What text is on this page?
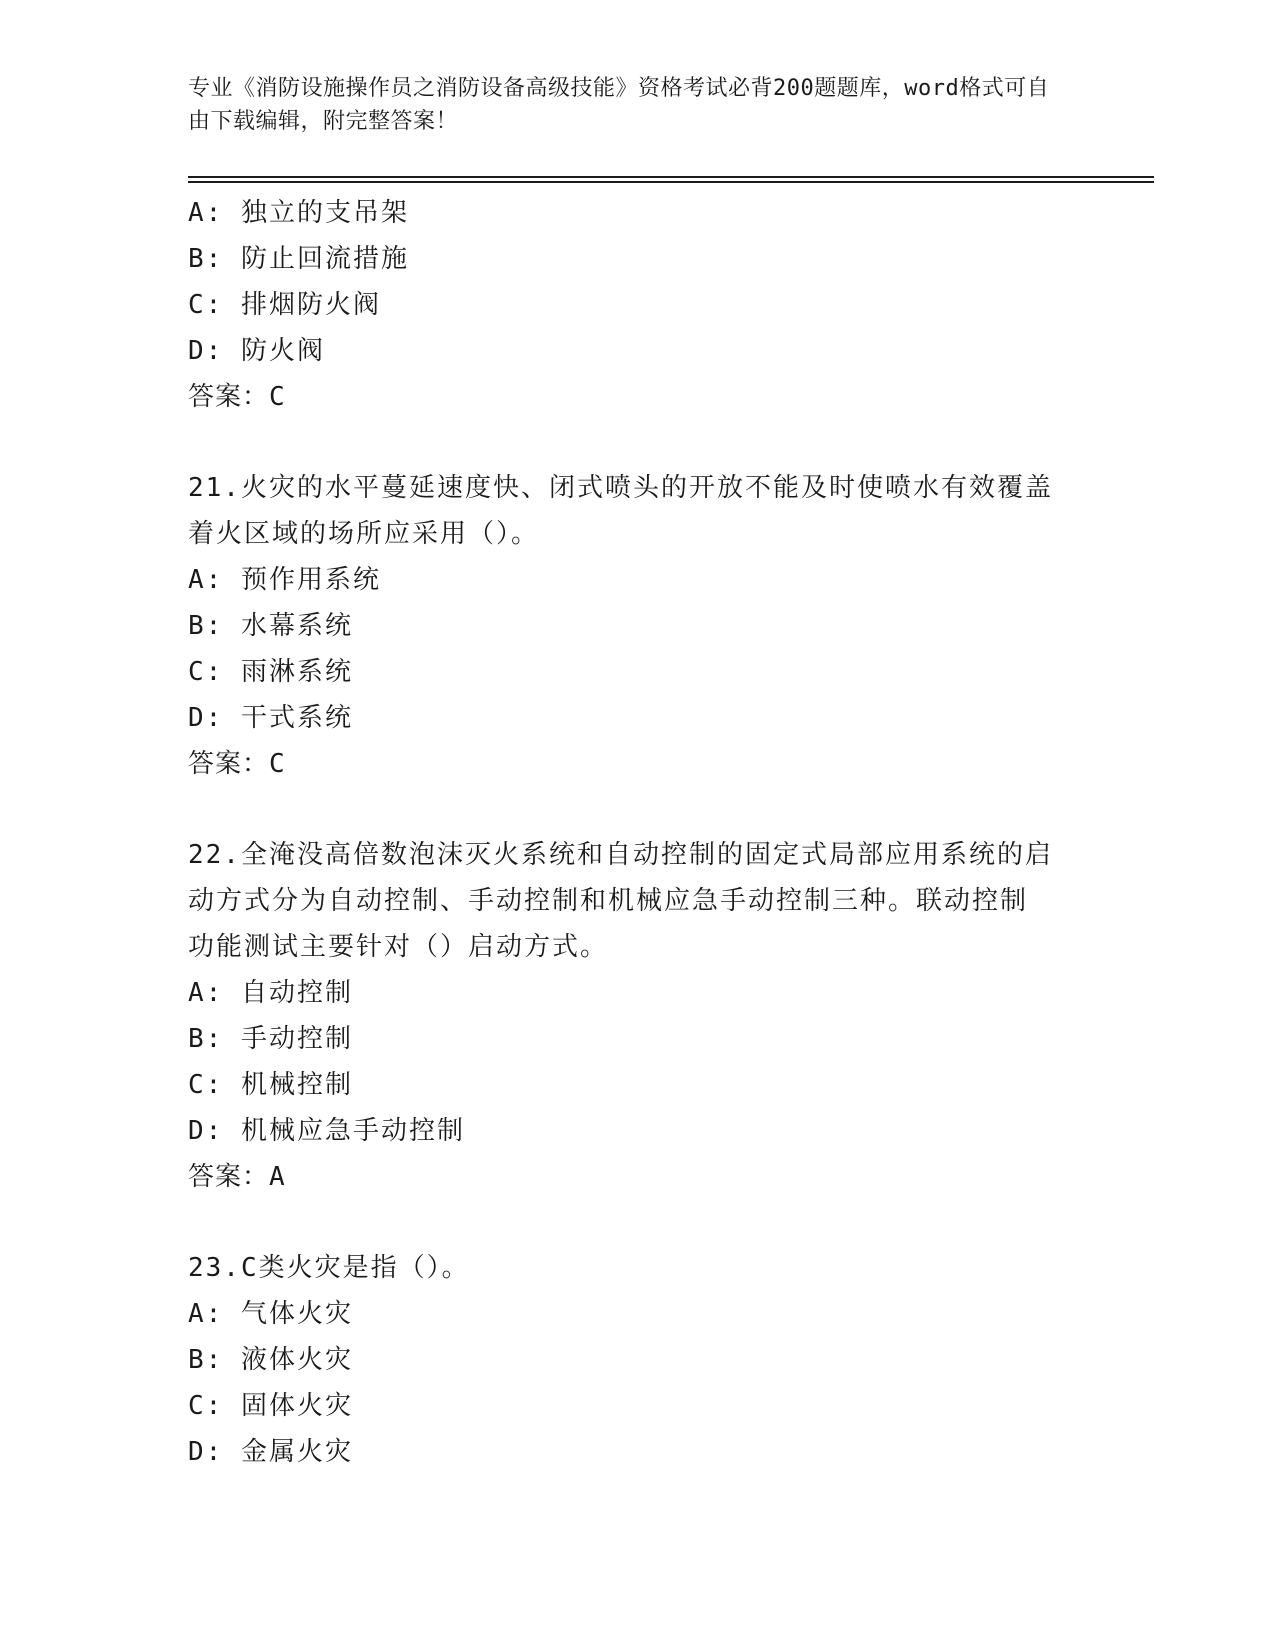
专业《消防设施操作员之消防设备高级技能》资格考试必背200题题库，word格式可自由下载编辑，附完整答案！
A: 独立的支吊架
B: 防止回流措施
C: 排烟防火阀
D: 防火阀
答案：C
21.火灾的水平蔓延速度快、闭式喷头的开放不能及时使喷水有效覆盖
着火区域的场所应采用（）。
A: 预作用系统
B: 水幕系统
C: 雨淋系统
D: 干式系统
答案：C
22.全淹没高倍数泡沫灭火系统和自动控制的固定式局部应用系统的启
动方式分为自动控制、手动控制和机械应急手动控制三种。联动控制
功能测试主要针对（）启动方式。
A: 自动控制
B: 手动控制
C: 机械控制
D: 机械应急手动控制
答案：A
23.C类火灾是指（）。
A: 气体火灾
B: 液体火灾
C: 固体火灾
D: 金属火灾
